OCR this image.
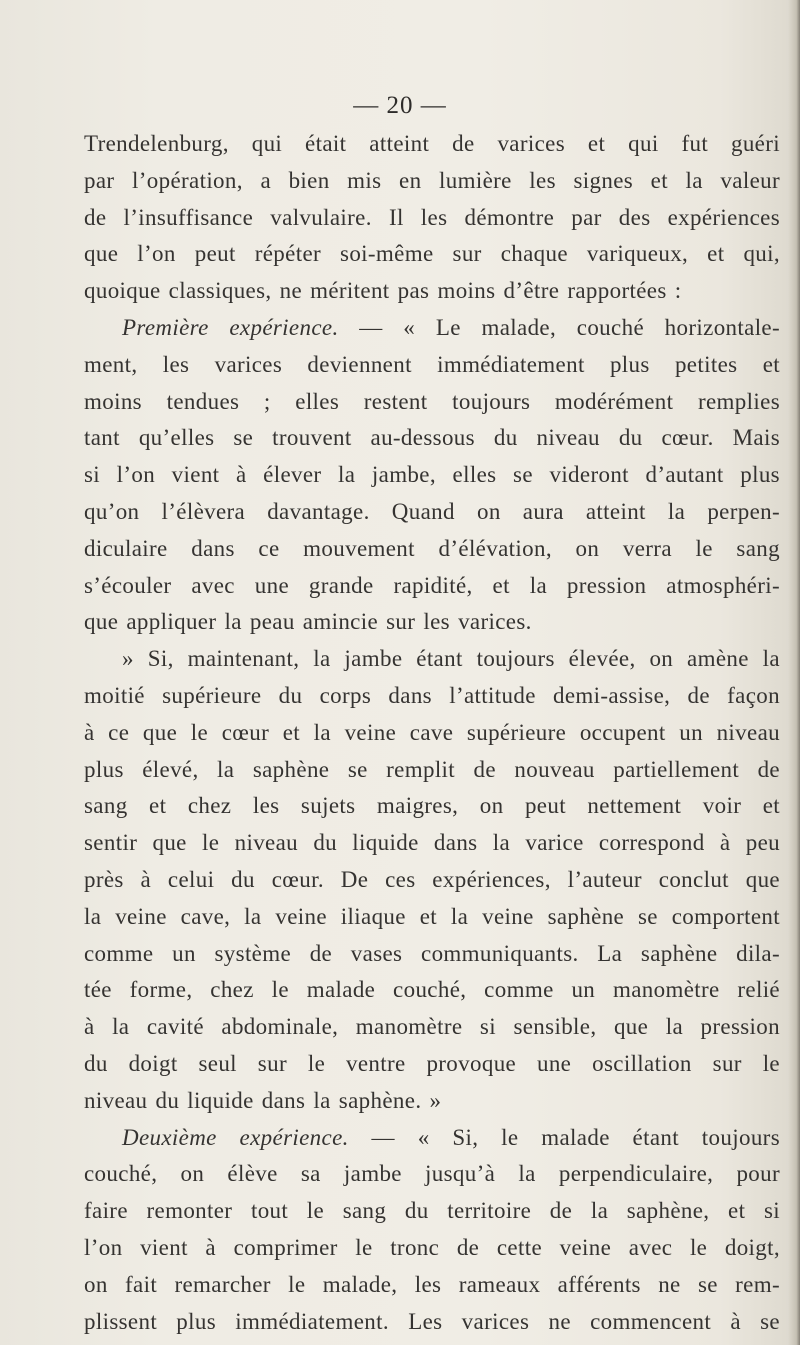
— 20 —
Trendelenburg, qui était atteint de varices et qui fut guéri
par l’opération, a bien mis en lumière les signes et la valeur
de l’insuffisance valvulaire. Il les démontre par des expériences
que l’on peut répéter soi-même sur chaque variqueux, et qui,
quoique classiques, ne méritent pas moins d’être rapportées :
Première expérience. — « Le malade, couché horizontale-
ment, les varices deviennent immédiatement plus petites et
moins tendues ; elles restent toujours modérément remplies
tant qu’elles se trouvent au-dessous du niveau du cœur. Mais
si l’on vient à élever la jambe, elles se videront d’autant plus
qu’on l’élèvera davantage. Quand on aura atteint la perpen-
diculaire dans ce mouvement d’élévation, on verra le sang
s’écouler avec une grande rapidité, et la pression atmosphéri-
que appliquer la peau amincie sur les varices.
» Si, maintenant, la jambe étant toujours élevée, on amène la
moitié supérieure du corps dans l’attitude demi-assise, de façon
à ce que le cœur et la veine cave supérieure occupent un niveau
plus élevé, la saphène se remplit de nouveau partiellement de
sang et chez les sujets maigres, on peut nettement voir et
sentir que le niveau du liquide dans la varice correspond à peu
près à celui du cœur. De ces expériences, l’auteur conclut que
la veine cave, la veine iliaque et la veine saphène se comportent
comme un système de vases communiquants. La saphène dila-
tée forme, chez le malade couché, comme un manomètre relié
à la cavité abdominale, manomètre si sensible, que la pression
du doigt seul sur le ventre provoque une oscillation sur le
niveau du liquide dans la saphène. »
Deuxième expérience. — « Si, le malade étant toujours
couché, on élève sa jambe jusqu’à la perpendiculaire, pour
faire remonter tout le sang du territoire de la saphène, et si
l’on vient à comprimer le tronc de cette veine avec le doigt,
on fait remarcher le malade, les rameaux afférents ne se rem-
plissent plus immédiatement. Les varices ne commencent à se
